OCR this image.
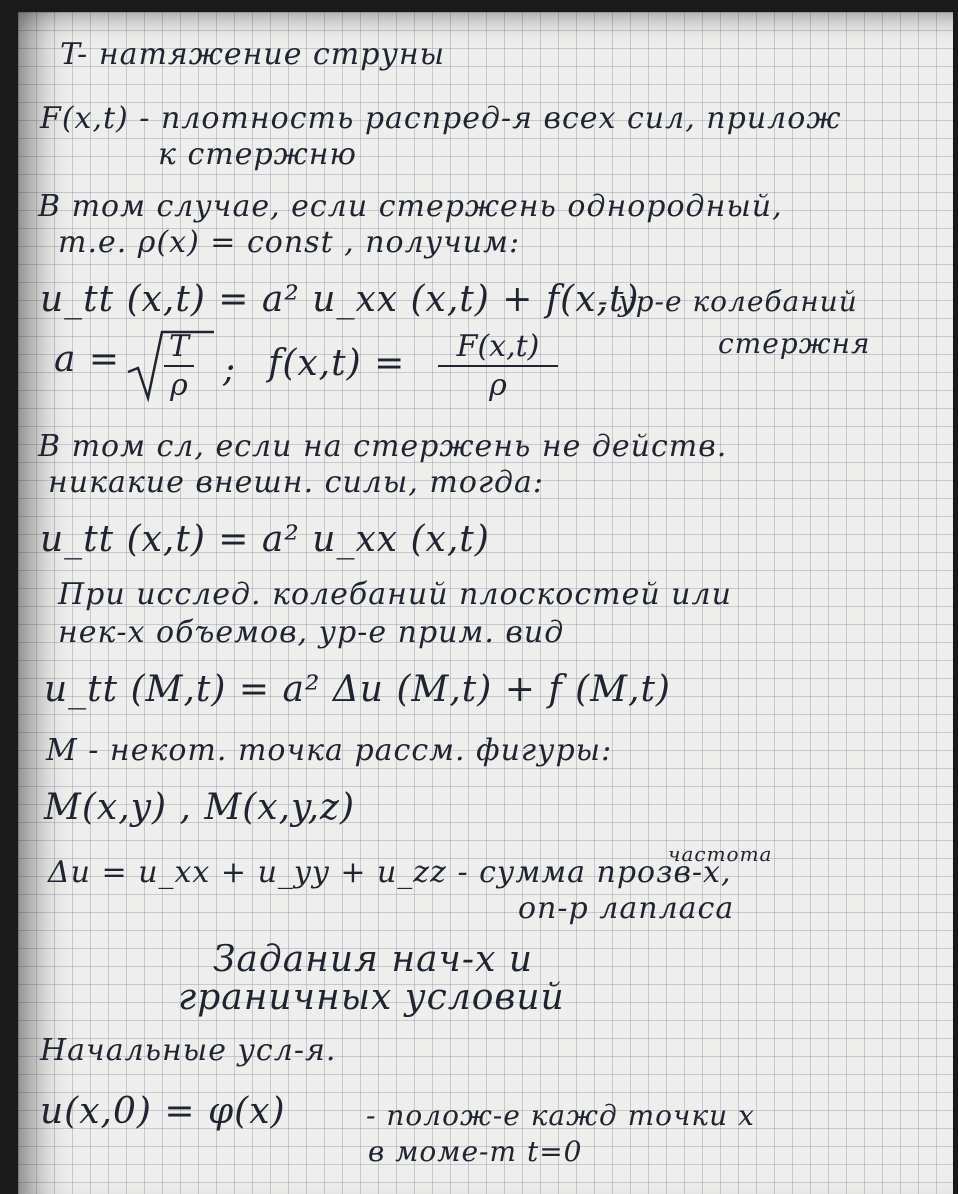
T- натяжение струны
F(x,t) - плотность распред-я всех сил, прилож
к стержню
В том случае, если стержень однородный,
т.е. ρ(x) = const , получим:
u_tt (x,t) = a² u_xx (x,t) + f(x,t)
- ур-е колебаний
стержня
a = T
ρ ; f(x,t) = F(x,t)
ρ
В том сл, если на стержень не действ.
никакие внешн. силы, тогда:
u_tt (x,t) = a² u_xx (x,t)
При исслед. колебаний плоскостей или
нек-х объемов, ур-е прим. вид
u_tt (M,t) = a² Δu (M,t) + f (M,t)
M - некот. точка рассм. фигуры:
M(x,y) , M(x,y,z)
частота
Δu = u_xx + u_yy + u_zz - сумма прозв-х,
оп-р лапласа
Задания нач-х и
граничных условий
Начальные усл-я.
u(x,0) = φ(x)	- полож-е кажд точки x
в моме-т t=0
